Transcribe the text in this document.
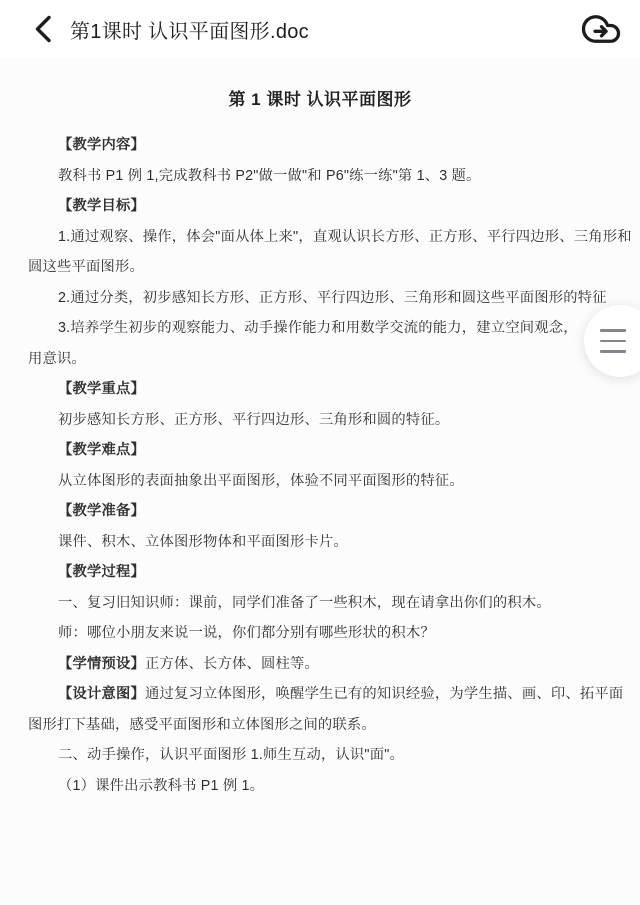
第1课时 认识平面图形.doc
第 1 课时 认识平面图形
【教学内容】
教科书 P1 例 1,完成教科书 P2"做一做"和 P6"练一练"第 1、3 题。
【教学目标】
1.通过观察、操作，体会"面从体上来"，直观认识长方形、正方形、平行四边形、三角形和
圆这些平面图形。
2.通过分类，初步感知长方形、正方形、平行四边形、三角形和圆这些平面图形的特征
3.培养学生初步的观察能力、动手操作能力和用数学交流的能力，建立空间观念，
用意识。
【教学重点】
初步感知长方形、正方形、平行四边形、三角形和圆的特征。
【教学难点】
从立体图形的表面抽象出平面图形，体验不同平面图形的特征。
【教学准备】
课件、积木、立体图形物体和平面图形卡片。
【教学过程】
一、复习旧知识师：课前，同学们准备了一些积木，现在请拿出你们的积木。
师：哪位小朋友来说一说，你们都分别有哪些形状的积木？
【学情预设】正方体、长方体、圆柱等。
【设计意图】通过复习立体图形，唤醒学生已有的知识经验，为学生描、画、印、拓平面
图形打下基础，感受平面图形和立体图形之间的联系。
二、动手操作，认识平面图形 1.师生互动，认识"面"。
（1）课件出示教科书 P1 例 1。
